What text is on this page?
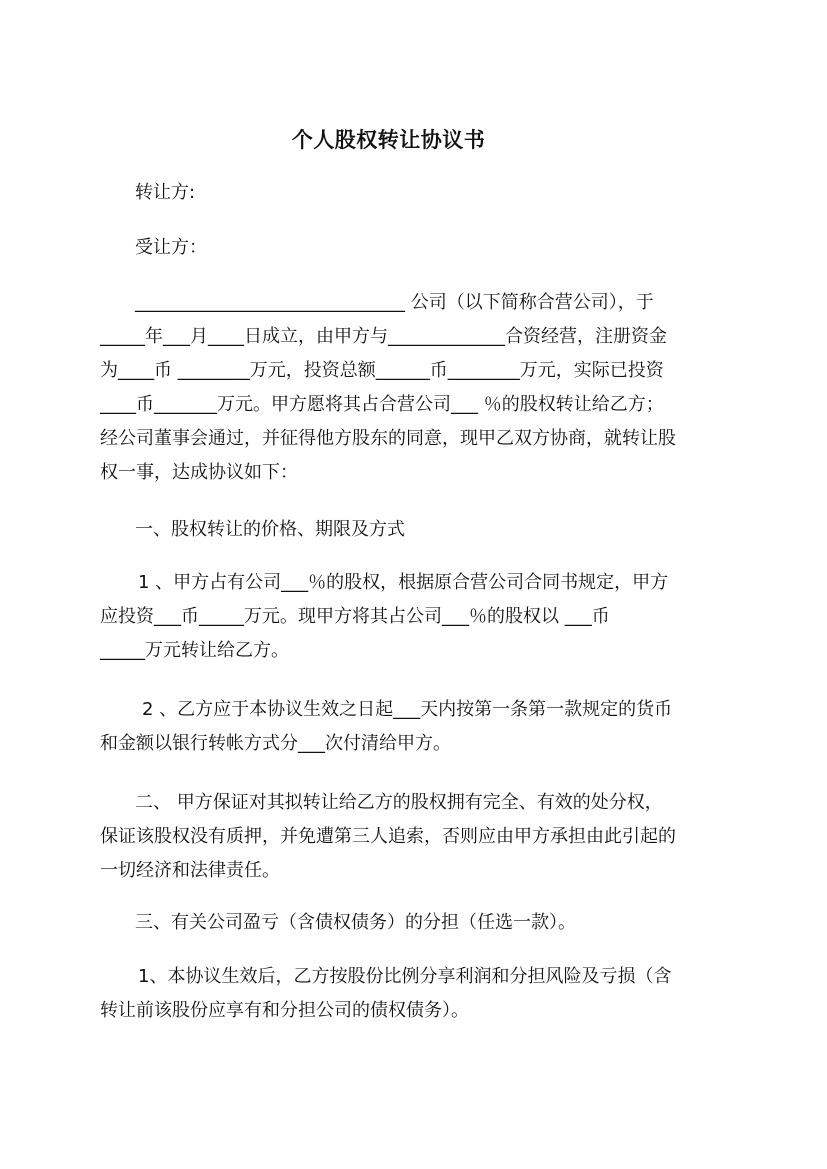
个人股权转让协议书
转让方:
受让方：
______________________________ 公司（以下简称合营公司），于
_____年___月____日成立，由甲方与_____________合资经营，注册资金
为____币 ________万元，投资总额______币________万元，实际已投资
____币_______万元。甲方愿将其占合营公司___ ％的股权转让给乙方；
经公司董事会通过，并征得他方股东的同意，现甲乙双方协商，就转让股
权一事，达成协议如下：
一、股权转让的价格、期限及方式
1 、甲方占有公司___％的股权，根据原合营公司合同书规定，甲方
应投资___币_____万元。现甲方将其占公司___％的股权以 ___币
_____万元转让给乙方。
2 、乙方应于本协议生效之日起___天内按第一条第一款规定的货币
和金额以银行转帐方式分___次付清给甲方。
二、 甲方保证对其拟转让给乙方的股权拥有完全、有效的处分权，
保证该股权没有质押，并免遭第三人追索，否则应由甲方承担由此引起的
一切经济和法律责任。
三、有关公司盈亏（含债权债务）的分担（任选一款）。
1、本协议生效后，乙方按股份比例分享利润和分担风险及亏损（含
转让前该股份应享有和分担公司的债权债务）。
